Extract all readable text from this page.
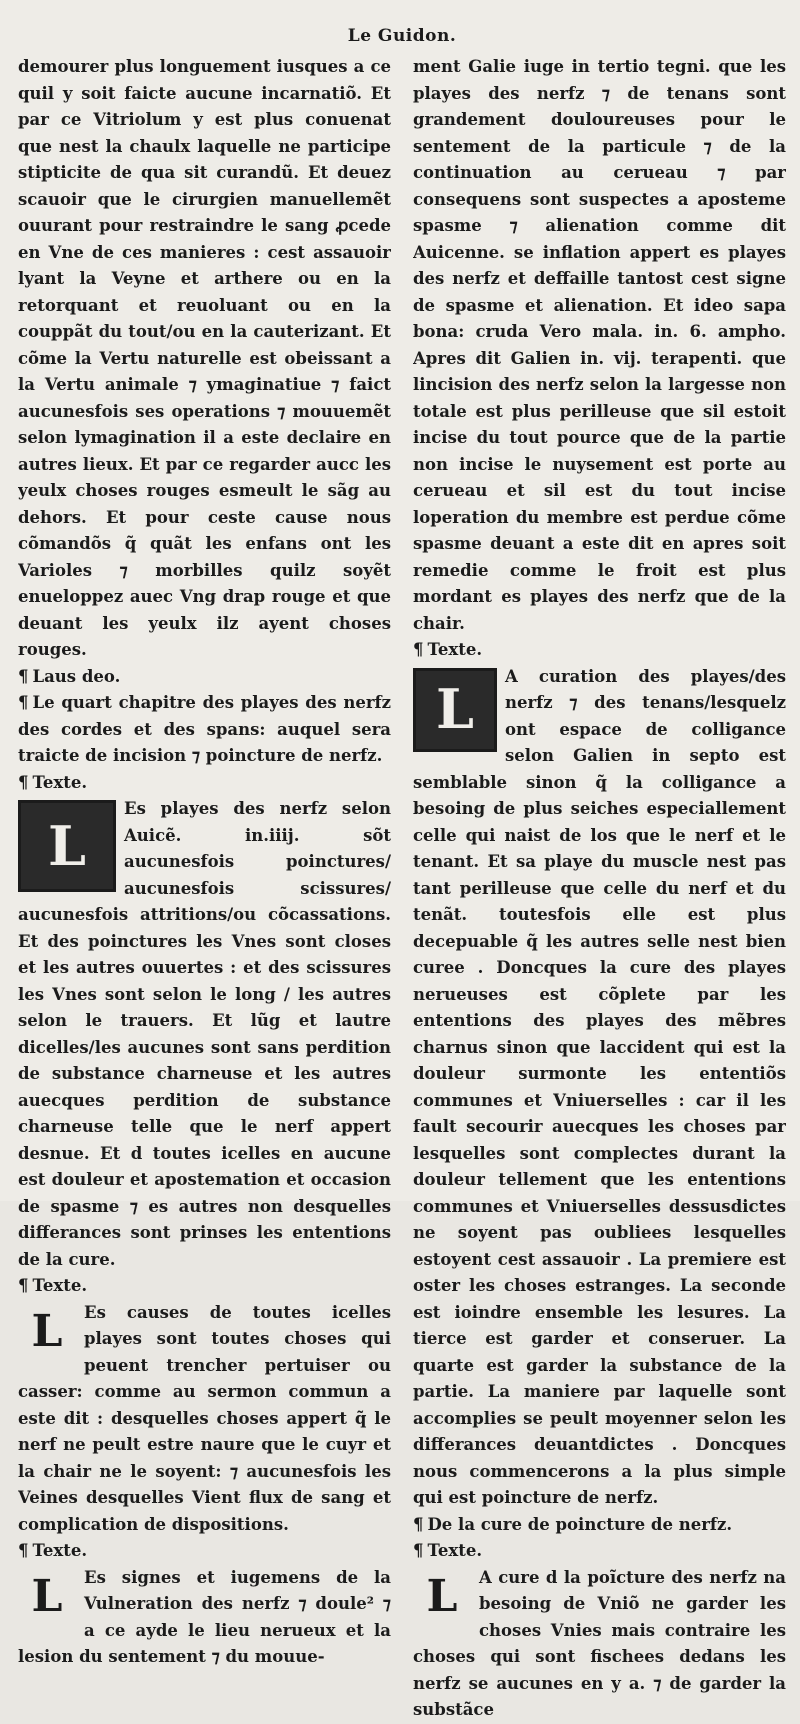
Le Guidon.

demourer plus longuement iusques a ce quil y soit faicte aucune incarnatiõ. Et par ce Vitriolum y est plus conuenat que nest la chaulx laquelle ne participe stipticite de qua sit curandũ. Et deuez scauoir que le cirurgien manuellemẽt ouurant pour restraindre le sang ꝓcede en Vne de ces manieres : cest assauoir lyant la Veyne et arthere ou en la retorquant et reuoluant ou en la couppãt du tout/ou en la cauterizant. Et cõme la Vertu naturelle est obeissant a la Vertu animale ⁊ ymaginatiue ⁊ faict aucunesfois ses operations ⁊ mouuemẽt selon lymagination il a este declaire en autres lieux. Et par ce regarder aucc les yeulx choses rouges esmeult le sãg au dehors. Et pour ceste cause nous cõmandõs q̃ quãt les enfans ont les Varioles ⁊ morbilles quilz soyẽt enueloppez auec Vng drap rouge et que deuant les yeulx ilz ayent choses rouges.

¶ Laus deo.

¶ Le quart chapitre des playes des nerfz des cordes et des spans: auquel sera traicte de incision ⁊ poincture de nerfz.

¶ Texte.

L
Es playes des nerfz selon Auicẽ. in.iiij. sõt aucunesfois poinctures/ aucunesfois scissures/ aucunesfois attritions/ou cõcassations. Et des poinctures les Vnes sont closes et les autres ouuertes : et des scissures les Vnes sont selon le long / les autres selon le trauers. Et lũg et lautre dicelles/les aucunes sont sans perdition de substance charneuse et les autres auecques perdition de substance charneuse telle que le nerf appert desnue. Et d toutes icelles en aucune est douleur et apostemation et occasion de spasme ⁊ es autres non desquelles differances sont prinses les ententions de la cure.

¶ Texte.

L	Es causes de toutes icelles playes sont toutes choses qui peuent trencher pertuiser ou casser: comme au sermon commun a este dit : desquelles choses appert q̃ le nerf ne peult estre naure que le cuyr et la chair ne le soyent: ⁊ aucunesfois les Veines desquelles Vient flux de sang et complication de dispositions.

¶ Texte.

L	Es signes et iugemens de la Vulneration des nerfz ⁊ doule² ⁊ a ce ayde le lieu nerueux et la lesion du sentement ⁊ du mouue-

ment Galie iuge in tertio tegni. que les playes des nerfz ⁊ de tenans sont grandement douloureuses pour le sentement de la particule ⁊ de la continuation au cerueau ⁊ par consequens sont suspectes a aposteme spasme ⁊ alienation comme dit Auicenne. se inflation appert es playes des nerfz et deffaille tantost cest signe de spasme et alienation. Et ideo sapa bona: cruda Vero mala. in. 6. ampho. Apres dit Galien in. vij. terapenti. que lincision des nerfz selon la largesse non totale est plus perilleuse que sil estoit incise du tout pource que de la partie non incise le nuysement est porte au cerueau et sil est du tout incise loperation du membre est perdue cõme spasme deuant a este dit en apres soit remedie comme le froit est plus mordant es playes des nerfz que de la chair.

¶ Texte.

L
A curation des playes/des nerfz ⁊ des tenans/lesquelz ont espace de colligance selon Galien in septo est semblable sinon q̃ la colligance a besoing de plus seiches especiallement celle qui naist de los que le nerf et le tenant. Et sa playe du muscle nest pas tant perilleuse que celle du nerf et du tenãt. toutesfois elle est plus decepuable q̃ les autres selle nest bien curee . Doncques la cure des playes nerueuses est cõplete par les ententions des playes des mẽbres charnus sinon que laccident qui est la douleur surmonte les ententiõs communes et Vniuerselles : car il les fault secourir auecques les choses par lesquelles sont complectes durant la douleur tellement que les ententions communes et Vniuerselles dessusdictes ne soyent pas oubliees lesquelles estoyent cest assauoir . La premiere est oster les choses estranges. La seconde est ioindre ensemble les lesures. La tierce est garder et conseruer. La quarte est garder la substance de la partie. La maniere par laquelle sont accomplies se peult moyenner selon les differances deuantdictes . Doncques nous commencerons a la plus simple qui est poincture de nerfz.

¶ De la cure de poincture de nerfz.

¶ Texte.

L	A cure d la poĩcture des nerfz na besoing de Vniõ ne garder les choses Vnies mais contraire les choses qui sont fischees dedans les nerfz se aucunes en y a. ⁊ de garder la substãce
